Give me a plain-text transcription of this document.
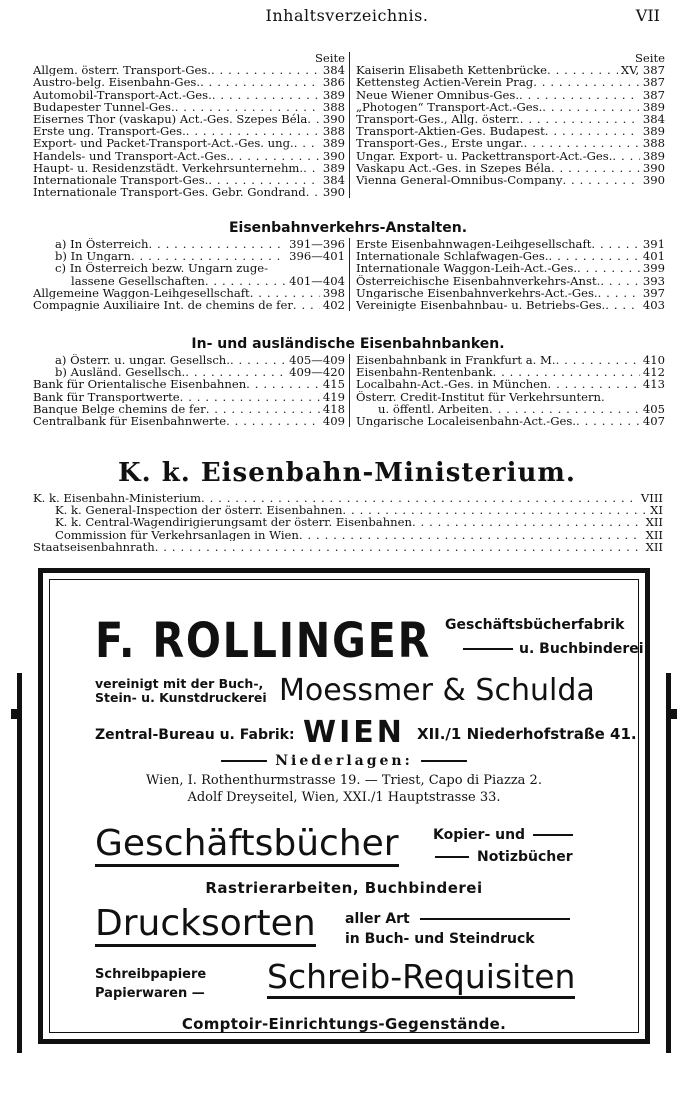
Inhaltsverzeichnis.	VII
Seite
Allgem. österr. Transport-Ges. . . .	384
Austro-belg. Eisenbahn-Ges. . . .	386
Automobil-Transport-Act.-Ges. . . .	389
Budapester Tunnel-Ges. . . .	388
Eisernes Thor (vaskapu) Act.-Ges. Szepes Béla . . . 390
Erste ung. Transport-Ges. . . .	388
Export- und Packet-Transport-Act.-Ges. ung. . . .	389
Handels- und Transport-Act.-Ges. . . .	390
Haupt- u. Residenzstädt. Verkehrsunternehm. . . . 389
Internationale Transport-Ges. . . .	384
Internationale Transport-Ges. Gebr. Gondrand . . . 390
Seite
Kaiserin Elisabeth Kettenbrücke . . .	XV, 387
Kettensteg Actien-Verein Prag . . .	387
Neue Wiener Omnibus-Ges. . . .	387
„Photogen“ Transport-Act.-Ges. . . .	389
Transport-Ges., Allg. österr. . . .	384
Transport-Aktien-Ges. Budapest . . .	389
Transport-Ges., Erste ungar. . . .	388
Ungar. Export- u. Packettransport-Act.-Ges. . . .	389
Vaskapu Act.-Ges. in Szepes Béla . . .	390
Vienna General-Omnibus-Company . . .	390
Eisenbahnverkehrs-Anstalten.
a) In Österreich . . .	391—396
b) In Ungarn . . .	396—401
c) In Österreich bezw. Ungarn zuge-
lassene Gesellschaften . . .	401—404
Allgemeine Waggon-Leihgesellschaft . . .	398
Compagnie Auxiliaire Int. de chemins de fer . . .	402
Erste Eisenbahnwagen-Leihgesellschaft . . .	391
Internationale Schlafwagen-Ges. . . .	401
Internationale Waggon-Leih-Act.-Ges. . . .	399
Österreichische Eisenbahnverkehrs-Anst. . . .	393
Ungarische Eisenbahnverkehrs-Act.-Ges. . . .	397
Vereinigte Eisenbahnbau- u. Betriebs-Ges. . . .	403
In- und ausländische Eisenbahnbanken.
a) Österr. u. ungar. Gesellsch. . . .	405—409
b) Ausländ. Gesellsch. . . .	409—420
Bank für Orientalische Eisenbahnen . . .	415
Bank für Transportwerte . . .	419
Banque Belge chemins de fer . . .	418
Centralbank für Eisenbahnwerte . . .	409
Eisenbahnbank in Frankfurt a. M. . . .	410
Eisenbahn-Rentenbank . . .	412
Localbahn-Act.-Ges. in München . . .	413
Österr. Credit-Institut für Verkehrsuntern.
u. öffentl. Arbeiten . . .	405
Ungarische Localeisenbahn-Act.-Ges. . . .	407
K. k. Eisenbahn-Ministerium.
K. k. Eisenbahn-Ministerium . . .	VIII
K. k. General-Inspection der österr. Eisenbahnen . . .	XI
K. k. Central-Wagendirigierungsamt der österr. Eisenbahnen . . .	XII
Commission für Verkehrsanlagen in Wien . . .	XII
Staatseisenbahnrath . . .	XII
F. ROLLINGER Geschäftsbücherfabrik
u. Buchbinderei
vereinigt mit der Buch-,
Stein- u. Kunstdruckerei Moessmer & Schulda
Zentral-Bureau u. Fabrik: WIEN XII./1 Niederhofstraße 41.
Niederlagen:
Wien, I. Rothenthurmstrasse 19. — Triest, Capo di Piazza 2.
Adolf Dreyseitel, Wien, XXI./1 Hauptstrasse 33.
Geschäftsbücher Kopier- und
Notizbücher
Rastrierarbeiten, Buchbinderei
Drucksorten aller Art
in Buch- und Steindruck
Schreibpapiere
Papierwaren — Schreib-Requisiten
Comptoir-Einrichtungs-Gegenstände.
